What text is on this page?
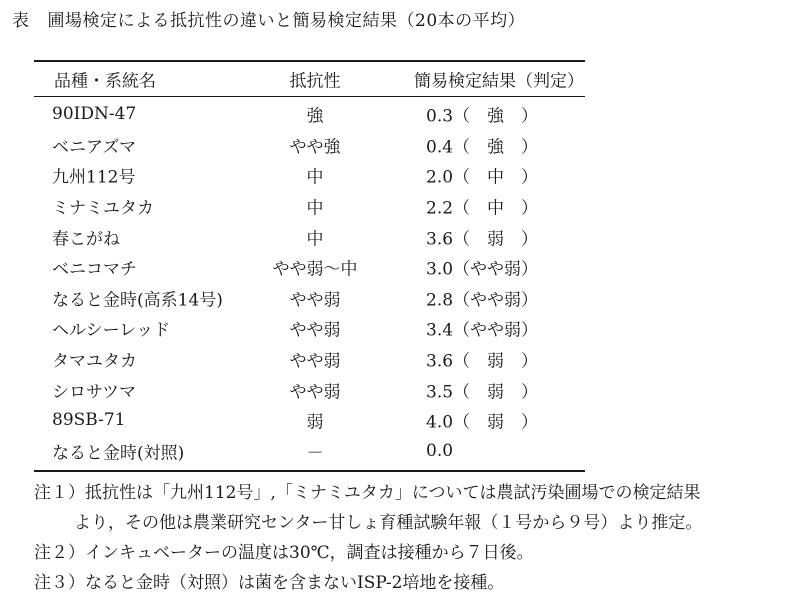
表 圃場検定による抵抗性の違いと簡易検定結果（20本の平均）
品種・系統名	抵抗性	簡易検定結果（判定）
90IDN-47	強	0.3（　強　）
ベニアズマ	やや強	0.4（　強　）
九州112号	中	2.0（　中　）
ミナミユタカ	中	2.2（　中　）
春こがね	中	3.6（　弱　）
ベニコマチ	やや弱～中	3.0（やや弱）
なると金時(高系14号)	やや弱	2.8（やや弱）
ヘルシーレッド	やや弱	3.4（やや弱）
タマユタカ	やや弱	3.6（　弱　）
シロサツマ	やや弱	3.5（　弱　）
89SB-71	弱	4.0（　弱　）
なると金時(対照)	－	0.0
注１）抵抗性は「九州112号」,「ミナミユタカ」については農試汚染圃場での検定結果
より，その他は農業研究センター甘しょ育種試験年報（１号から９号）より推定。
注２）インキュベーターの温度は30℃，調査は接種から７日後。
注３）なると金時（対照）は菌を含まないISP-2培地を接種。
